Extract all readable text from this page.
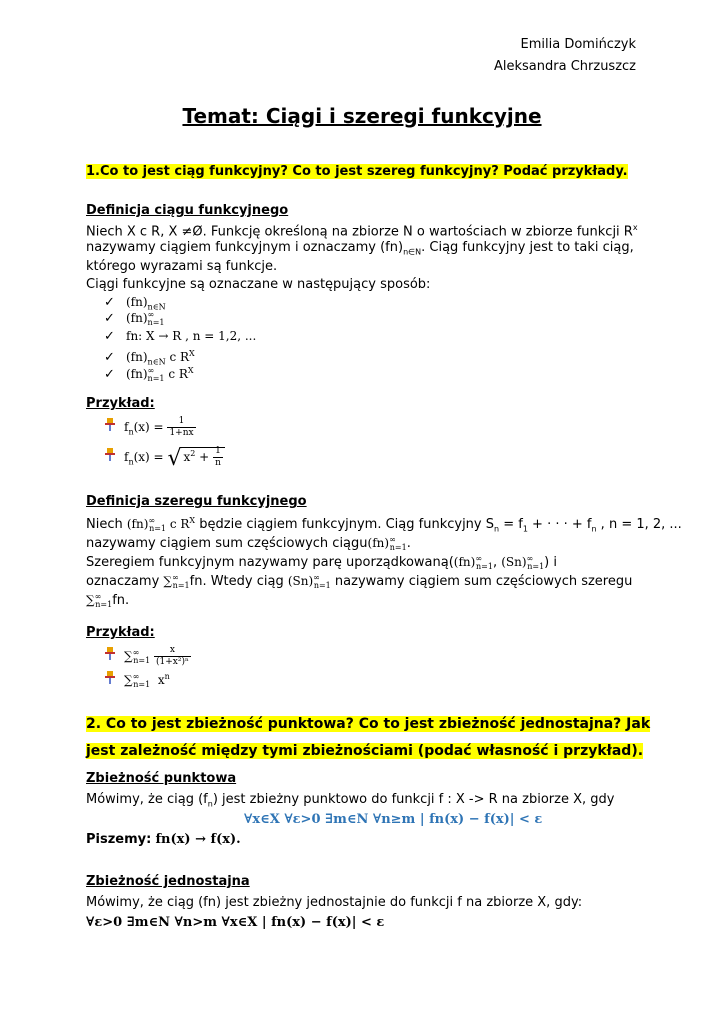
Emilia Domińczyk
Aleksandra Chrzuszcz
Temat: Ciągi i szeregi funkcyjne
1.Co to jest ciąg funkcyjny? Co to jest szereg funkcyjny? Podać przykłady.
Definicja ciągu funkcyjnego
Niech X c R, X ≠Ø. Funkcję określoną na zbiorze N o wartościach w zbiorze funkcji $R^x$
nazywamy ciągiem funkcyjnym i oznaczamy $(fn)_{n\in N}$. Ciąg funkcyjny jest to taki ciąg,
którego wyrazami są funkcje.
Ciągi funkcyjne są oznaczane w następujący sposób:
✓ $(fn)_{n\in N}$
✓ (fn) ∞
n=1
✓ fn: X → R , n = 1,2, ...
✓ $(fn)_{n\in N}$ c $R^X$
✓ (fn) ∞
n=1 c $R^X$
Przykład:
$f_n(x) = \frac{1}{1+nx}$
$f_n(x)$ = √ $x^2 + \frac{1}{n}$
Definicja szeregu funkcyjnego
Niech $(fn)^\infty_{n=1}$ c $R^X$ będzie ciągiem funkcyjnym. Ciąg funkcyjny $S_n = f_1$ + · · · + $f_n$ , n = 1, 2, ...
nazywamy ciągiem sum częściowych $ciągu(fn)^\infty_{n=1}$.
Szeregiem funkcyjnym nazywamy parę $uporządkowaną((fn)^\infty_{n=1}$, $(Sn)^\infty_{n=1}$) i
oznaczamy $\sum^\infty_{n=1}fn$. Wtedy ciąg $(Sn)^\infty_{n=1}$ nazywamy ciągiem sum częściowych szeregu
$\sum^\infty_{n=1}fn$.
Przykład:
$\sum^\infty_{n=1} \frac{x}{\text{(1+x²)ⁿ}}$
$\sum^\infty_{n=1}$ $x^n$
2. Co to jest zbieżność punktowa? Co to jest zbieżność jednostajna? Jak
jest zależność między tymi zbieżnościami (podać własność i przykład).
Zbieżność punktowa
Mówimy, że ciąg $(f_n)$ jest zbieżny punktowo do funkcji f : X -> R na zbiorze X, gdy
∀x∈X ∀ε>0 ∃m∈N ∀n≥m | fn(x) − f(x)| < ε
Piszemy: fn(x) → f(x).
Zbieżność jednostajna
Mówimy, że ciąg (fn) jest zbieżny jednostajnie do funkcji f na zbiorze X, gdy:
∀ε>0 ∃m∈N ∀n>m ∀x∈X | fn(x) − f(x)| < ε
